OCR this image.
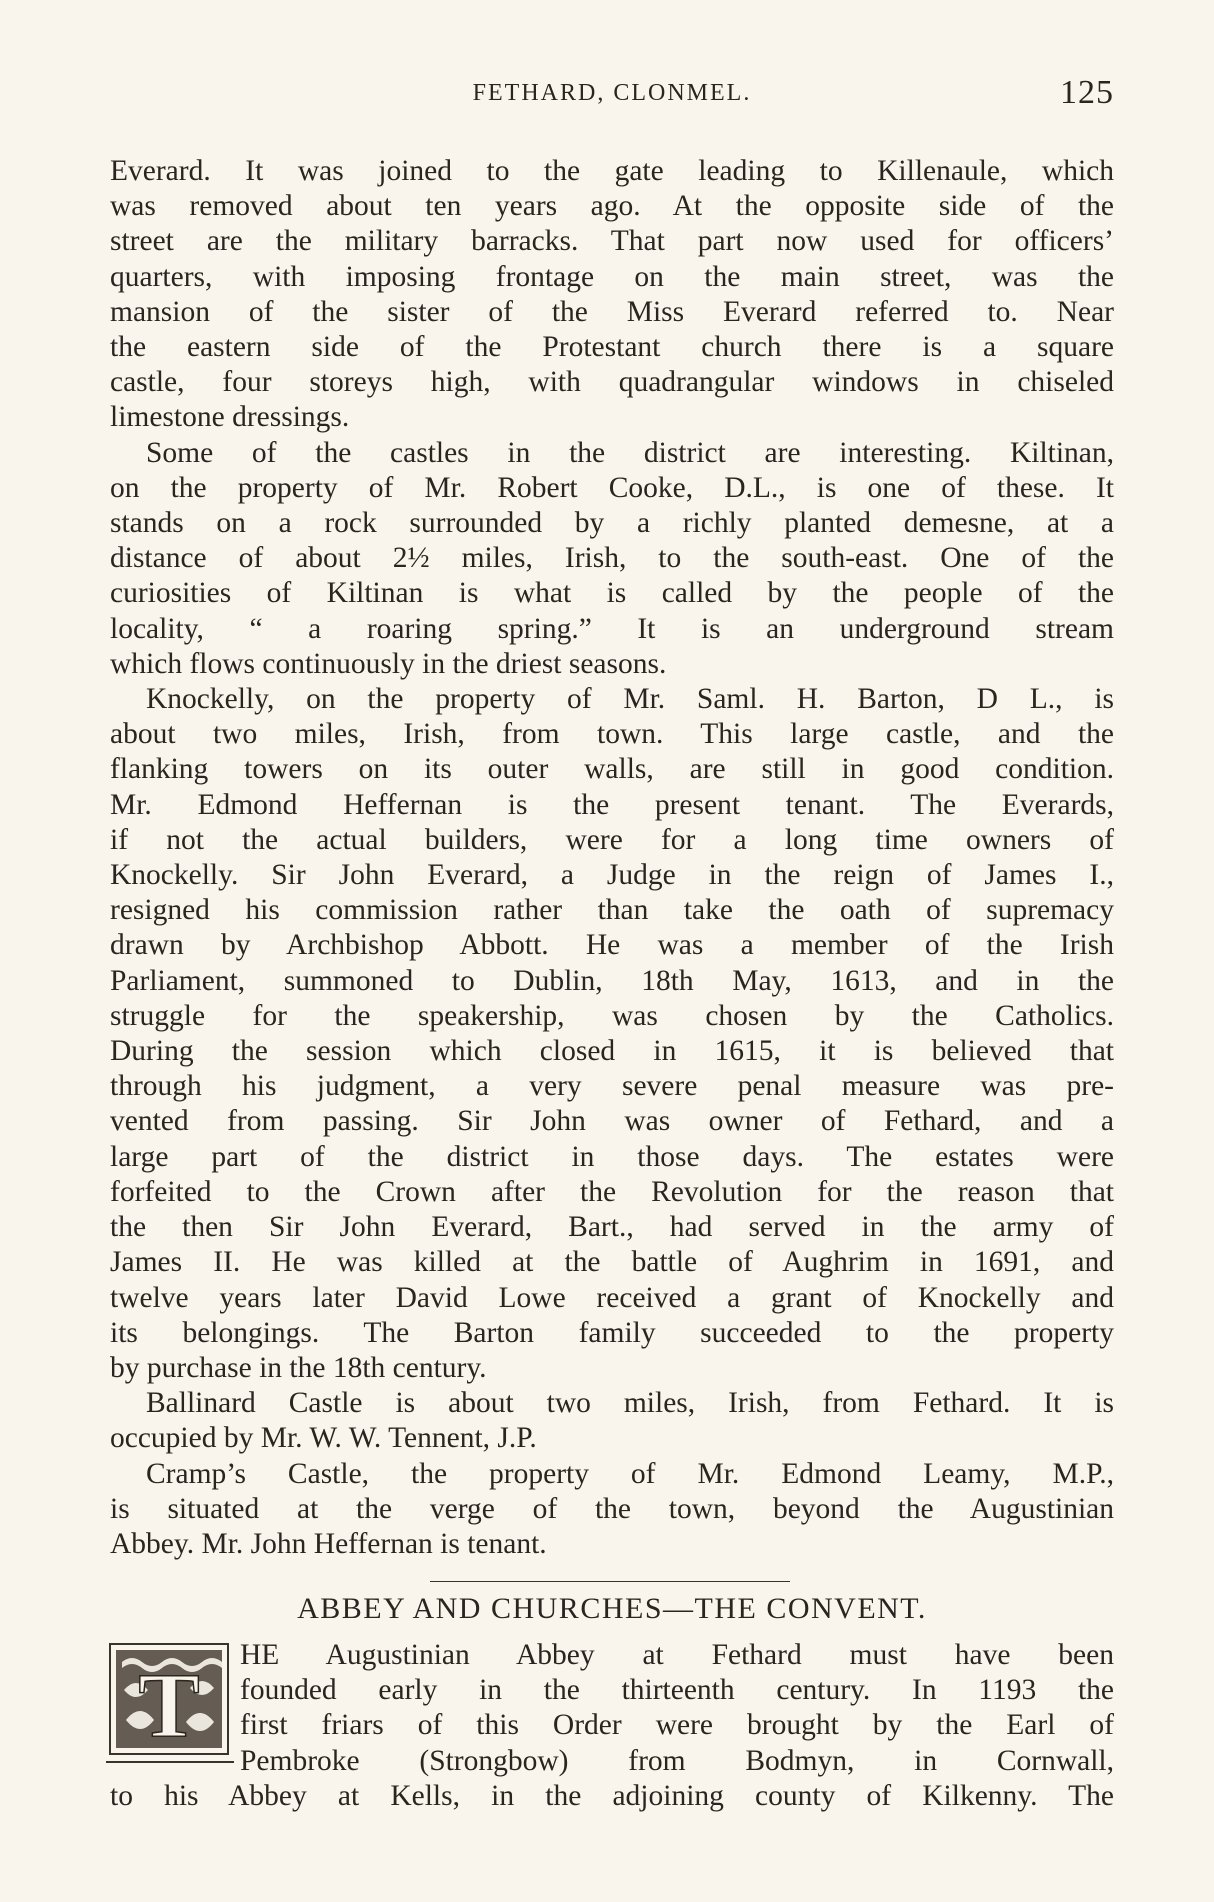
FETHARD, CLONMEL.	125
Everard. It was joined to the gate leading to Killenaule, which
was removed about ten years ago. At the opposite side of the
street are the military barracks. That part now used for officers’
quarters, with imposing frontage on the main street, was the
mansion of the sister of the Miss Everard referred to. Near
the eastern side of the Protestant church there is a square
castle, four storeys high, with quadrangular windows in chiseled
limestone dressings.
Some of the castles in the district are interesting. Kiltinan,
on the property of Mr. Robert Cooke, D.L., is one of these. It
stands on a rock surrounded by a richly planted demesne, at a
distance of about 2½ miles, Irish, to the south-east. One of the
curiosities of Kiltinan is what is called by the people of the
locality, “ a roaring spring.” It is an underground stream
which flows continuously in the driest seasons.
Knockelly, on the property of Mr. Saml. H. Barton, D L., is
about two miles, Irish, from town. This large castle, and the
flanking towers on its outer walls, are still in good condition.
Mr. Edmond Heffernan is the present tenant. The Everards,
if not the actual builders, were for a long time owners of
Knockelly. Sir John Everard, a Judge in the reign of James I.,
resigned his commission rather than take the oath of supremacy
drawn by Archbishop Abbott. He was a member of the Irish
Parliament, summoned to Dublin, 18th May, 1613, and in the
struggle for the speakership, was chosen by the Catholics.
During the session which closed in 1615, it is believed that
through his judgment, a very severe penal measure was pre-
vented from passing. Sir John was owner of Fethard, and a
large part of the district in those days. The estates were
forfeited to the Crown after the Revolution for the reason that
the then Sir John Everard, Bart., had served in the army of
James II. He was killed at the battle of Aughrim in 1691, and
twelve years later David Lowe received a grant of Knockelly and
its belongings. The Barton family succeeded to the property
by purchase in the 18th century.
Ballinard Castle is about two miles, Irish, from Fethard. It is
occupied by Mr. W. W. Tennent, J.P.
Cramp’s Castle, the property of Mr. Edmond Leamy, M.P.,
is situated at the verge of the town, beyond the Augustinian
Abbey. Mr. John Heffernan is tenant.
ABBEY AND CHURCHES—THE CONVENT.
T HE Augustinian Abbey at Fethard must have been
founded early in the thirteenth century. In 1193 the
first friars of this Order were brought by the Earl of
Pembroke (Strongbow) from Bodmyn, in Cornwall,
to his Abbey at Kells, in the adjoining county of Kilkenny. The
